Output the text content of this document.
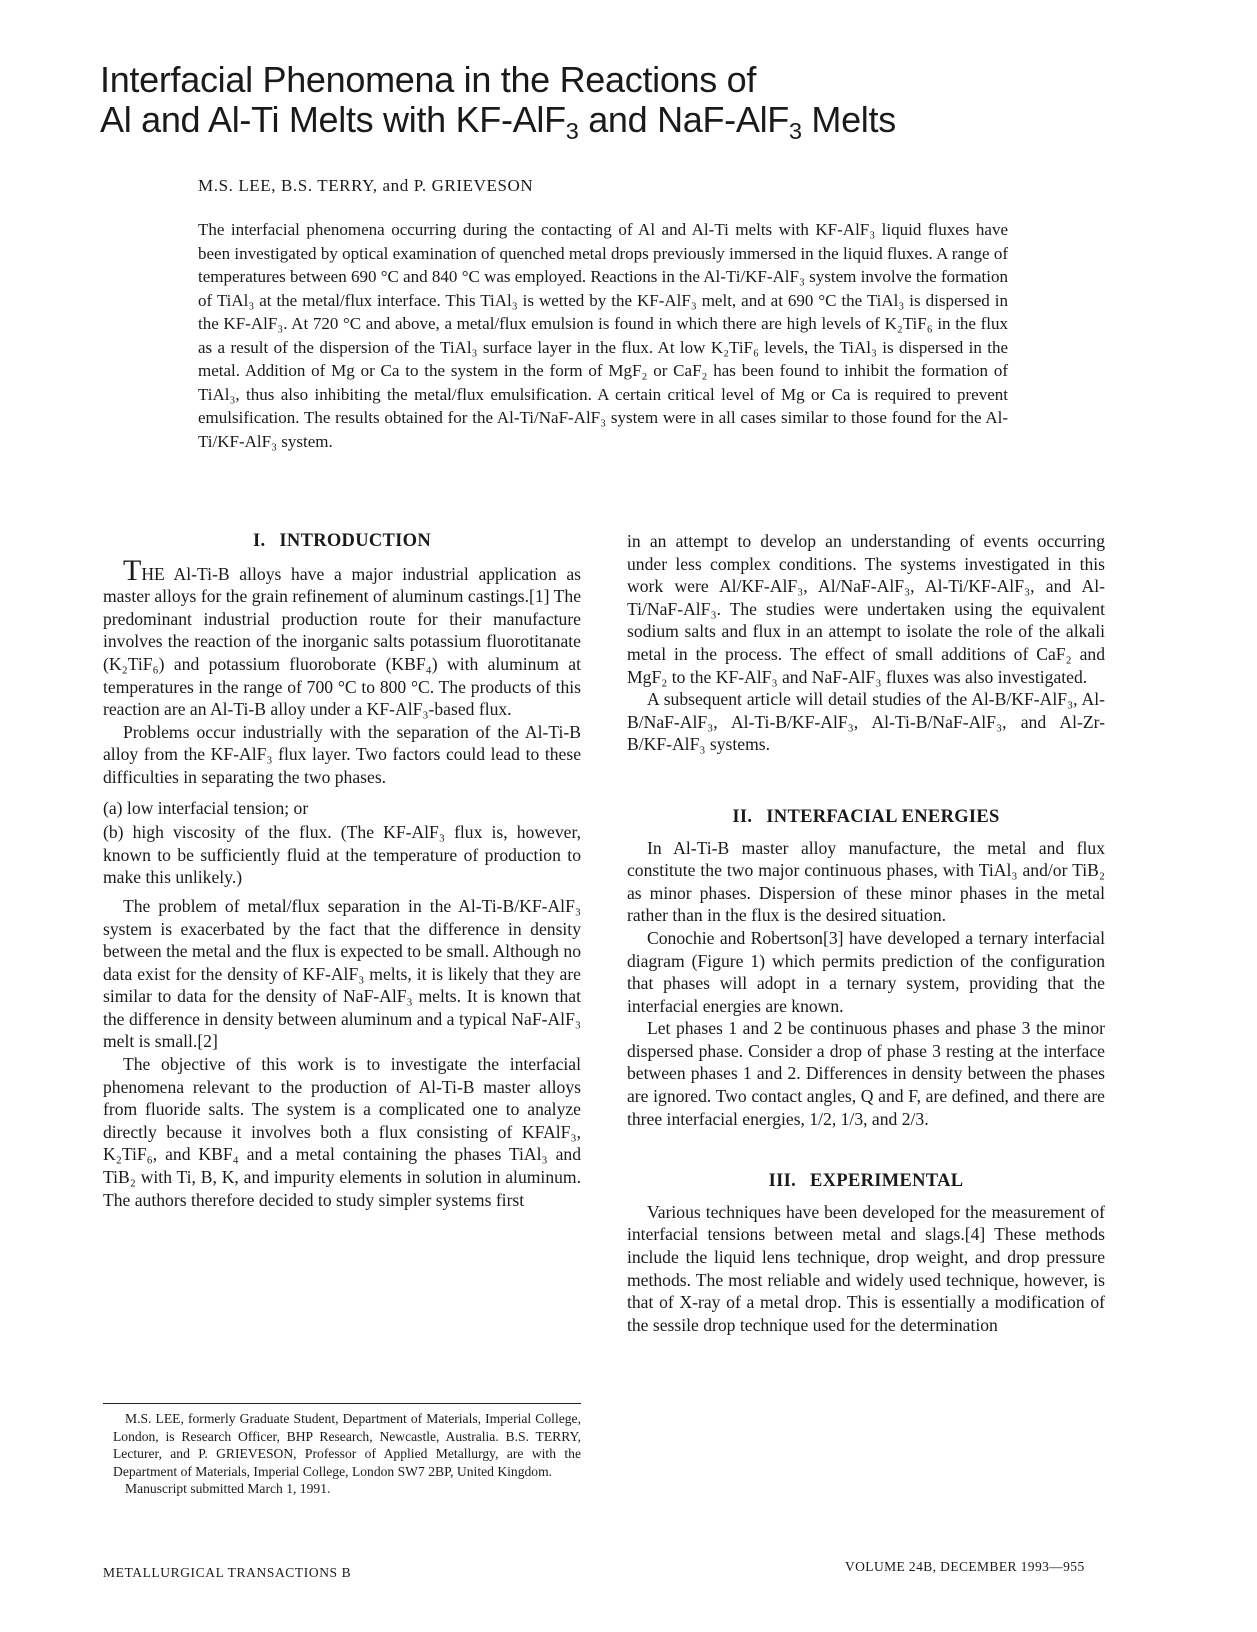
Interfacial Phenomena in the Reactions of
Al and Al-Ti Melts with KF-AlF$_3$ and NaF-AlF$_3$ Melts
M.S. LEE, B.S. TERRY, and P. GRIEVESON
The interfacial phenomena occurring during the contacting of Al and Al-Ti melts with KF-AlF₃ liquid fluxes have been investigated by optical examination of quenched metal drops previously immersed in the liquid fluxes. A range of temperatures between 690 °C and 840 °C was employed. Reactions in the Al-Ti/KF-AlF₃ system involve the formation of TiAl₃ at the metal/flux interface. This TiAl₃ is wetted by the KF-AlF₃ melt, and at 690 °C the TiAl₃ is dispersed in the KF-AlF₃. At 720 °C and above, a metal/flux emulsion is found in which there are high levels of K₂TiF₆ in the flux as a result of the dispersion of the TiAl₃ surface layer in the flux. At low K₂TiF₆ levels, the TiAl₃ is dispersed in the metal. Addition of Mg or Ca to the system in the form of MgF₂ or CaF₂ has been found to inhibit the formation of TiAl₃, thus also inhibiting the metal/flux emulsification. A certain critical level of Mg or Ca is required to prevent emulsification. The results obtained for the Al-Ti/NaF-AlF₃ system were in all cases similar to those found for the Al-Ti/KF-AlF₃ system.
I. INTRODUCTION

THE Al-Ti-B alloys have a major industrial application as master alloys for the grain refinement of aluminum castings.[1] The predominant industrial production route for their manufacture involves the reaction of the inorganic salts potassium fluorotitanate (K₂TiF₆) and potassium fluoroborate (KBF₄) with aluminum at temperatures in the range of 700 °C to 800 °C. The products of this reaction are an Al-Ti-B alloy under a KF-AlF₃-based flux.

Problems occur industrially with the separation of the Al-Ti-B alloy from the KF-AlF₃ flux layer. Two factors could lead to these difficulties in separating the two phases.

(a) low interfacial tension; or

(b) high viscosity of the flux. (The KF-AlF₃ flux is, however, known to be sufficiently fluid at the temperature of production to make this unlikely.)

The problem of metal/flux separation in the Al-Ti-B/KF-AlF₃ system is exacerbated by the fact that the difference in density between the metal and the flux is expected to be small. Although no data exist for the density of KF-AlF₃ melts, it is likely that they are similar to data for the density of NaF-AlF₃ melts. It is known that the difference in density between aluminum and a typical NaF-AlF₃ melt is small.[2]

The objective of this work is to investigate the interfacial phenomena relevant to the production of Al-Ti-B master alloys from fluoride salts. The system is a complicated one to analyze directly because it involves both a flux consisting of KFAlF₃, K₂TiF₆, and KBF₄ and a metal containing the phases TiAl₃ and TiB₂ with Ti, B, K, and impurity elements in solution in aluminum. The authors therefore decided to study simpler systems first

M.S. LEE, formerly Graduate Student, Department of Materials, Imperial College, London, is Research Officer, BHP Research, Newcastle, Australia. B.S. TERRY, Lecturer, and P. GRIEVESON, Professor of Applied Metallurgy, are with the Department of Materials, Imperial College, London SW7 2BP, United Kingdom.

Manuscript submitted March 1, 1991.

in an attempt to develop an understanding of events occurring under less complex conditions. The systems investigated in this work were Al/KF-AlF₃, Al/NaF-AlF₃, Al-Ti/KF-AlF₃, and Al-Ti/NaF-AlF₃. The studies were undertaken using the equivalent sodium salts and flux in an attempt to isolate the role of the alkali metal in the process. The effect of small additions of CaF₂ and MgF₂ to the KF-AlF₃ and NaF-AlF₃ fluxes was also investigated.

A subsequent article will detail studies of the Al-B/KF-AlF₃, Al-B/NaF-AlF₃, Al-Ti-B/KF-AlF₃, Al-Ti-B/NaF-AlF₃, and Al-Zr-B/KF-AlF₃ systems.

II. INTERFACIAL ENERGIES

In Al-Ti-B master alloy manufacture, the metal and flux constitute the two major continuous phases, with TiAl₃ and/or TiB₂ as minor phases. Dispersion of these minor phases in the metal rather than in the flux is the desired situation.

Conochie and Robertson[3] have developed a ternary interfacial diagram (Figure 1) which permits prediction of the configuration that phases will adopt in a ternary system, providing that the interfacial energies are known.

Let phases 1 and 2 be continuous phases and phase 3 the minor dispersed phase. Consider a drop of phase 3 resting at the interface between phases 1 and 2. Differences in density between the phases are ignored. Two contact angles, Q and F, are defined, and there are three interfacial energies, 1/2, 1/3, and 2/3.

III. EXPERIMENTAL

Various techniques have been developed for the measurement of interfacial tensions between metal and slags.[4] These methods include the liquid lens technique, drop weight, and drop pressure methods. The most reliable and widely used technique, however, is that of X-ray of a metal drop. This is essentially a modification of the sessile drop technique used for the determination

METALLURGICAL TRANSACTIONS B	VOLUME 24B, DECEMBER 1993—955
